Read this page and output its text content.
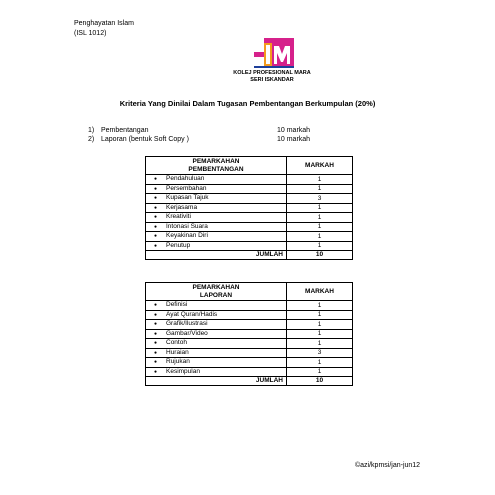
Penghayatan Islam
(ISL 1012)
KOLEJ PROFESIONAL MARA
SERI ISKANDAR
Kriteria Yang Dinilai Dalam Tugasan Pembentangan Berkumpulan (20%)
1) Pembentangan	10 markah
2) Laporan (bentuk Soft Copy )	10 markah
PEMARKAHAN
PEMBENTANGAN	MARKAH
● Pendahuluan	1
● Persembahan	1
● Kupasan Tajuk	3
● Kerjasama	1
● Kreativiti	1
● Intonasi Suara	1
● Keyakinan Diri	1
● Penutup	1
JUMLAH	10
PEMARKAHAN
LAPORAN	MARKAH
● Definisi	1
● Ayat Quran/Hadis	1
● Grafik/Ilustrasi	1
● Gambar/Video	1
● Contoh	1
● Huraian	3
● Rujukan	1
● Kesimpulan	1
JUMLAH	10
©azi/kpmsi/jan-jun12
